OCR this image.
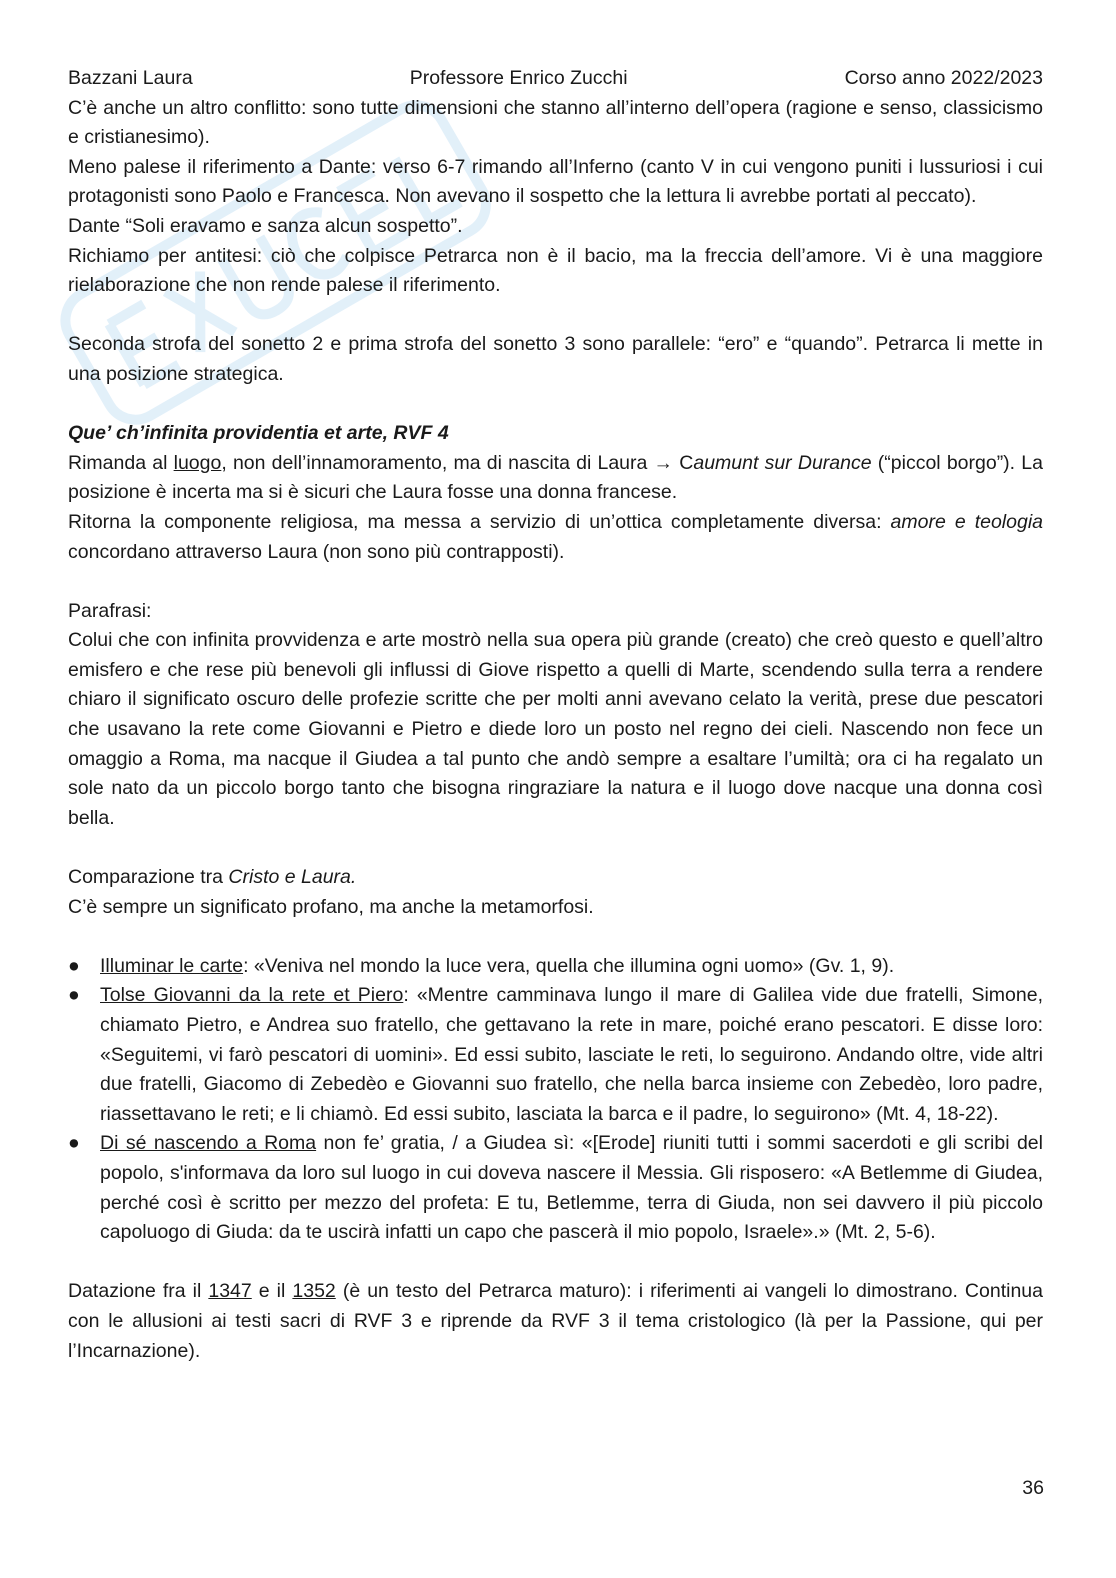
Bazzani Laura	Professore Enrico Zucchi	Corso anno 2022/2023

C’è anche un altro conflitto: sono tutte dimensioni che stanno all’interno dell’opera (ragione e senso, classicismo e cristianesimo).

Meno palese il riferimento a Dante: verso 6-7 rimando all’Inferno (canto V in cui vengono puniti i lussuriosi i cui protagonisti sono Paolo e Francesca. Non avevano il sospetto che la lettura li avrebbe portati al peccato).

Dante “Soli eravamo e sanza alcun sospetto”.

Richiamo per antitesi: ciò che colpisce Petrarca non è il bacio, ma la freccia dell’amore. Vi è una maggiore rielaborazione che non rende palese il riferimento.

Seconda strofa del sonetto 2 e prima strofa del sonetto 3 sono parallele: “ero” e “quando”. Petrarca li mette in una posizione strategica.

Que’ ch’infinita providentia et arte, RVF 4

Rimanda al luogo, non dell’innamoramento, ma di nascita di Laura → Caumunt sur Durance (“piccol borgo”). La posizione è incerta ma si è sicuri che Laura fosse una donna francese.

Ritorna la componente religiosa, ma messa a servizio di un’ottica completamente diversa: amore e teologia concordano attraverso Laura (non sono più contrapposti).

Parafrasi:

Colui che con infinita provvidenza e arte mostrò nella sua opera più grande (creato) che creò questo e quell’altro emisfero e che rese più benevoli gli influssi di Giove rispetto a quelli di Marte, scendendo sulla terra a rendere chiaro il significato oscuro delle profezie scritte che per molti anni avevano celato la verità, prese due pescatori che usavano la rete come Giovanni e Pietro e diede loro un posto nel regno dei cieli. Nascendo non fece un omaggio a Roma, ma nacque il Giudea a tal punto che andò sempre a esaltare l’umiltà; ora ci ha regalato un sole nato da un piccolo borgo tanto che bisogna ringraziare la natura e il luogo dove nacque una donna così bella.

Comparazione tra Cristo e Laura.

C’è sempre un significato profano, ma anche la metamorfosi.

● Illuminar le carte: «Veniva nel mondo la luce vera, quella che illumina ogni uomo» (Gv. 1, 9).
● Tolse Giovanni da la rete et Piero: «Mentre camminava lungo il mare di Galilea vide due fratelli, Simone, chiamato Pietro, e Andrea suo fratello, che gettavano la rete in mare, poiché erano pescatori. E disse loro: «Seguitemi, vi farò pescatori di uomini». Ed essi subito, lasciate le reti, lo seguirono. Andando oltre, vide altri due fratelli, Giacomo di Zebedèo e Giovanni suo fratello, che nella barca insieme con Zebedèo, loro padre, riassettavano le reti; e li chiamò. Ed essi subito, lasciata la barca e il padre, lo seguirono» (Mt. 4, 18-22).
● Di sé nascendo a Roma non fe’ gratia, / a Giudea sì: «[Erode] riuniti tutti i sommi sacerdoti e gli scribi del popolo, s'informava da loro sul luogo in cui doveva nascere il Messia. Gli risposero: «A Betlemme di Giudea, perché così è scritto per mezzo del profeta: E tu, Betlemme, terra di Giuda, non sei davvero il più piccolo capoluogo di Giuda: da te uscirà infatti un capo che pascerà il mio popolo, Israele».» (Mt. 2, 5-6).

Datazione fra il 1347 e il 1352 (è un testo del Petrarca maturo): i riferimenti ai vangeli lo dimostrano. Continua con le allusioni ai testi sacri di RVF 3 e riprende da RVF 3 il tema cristologico (là per la Passione, qui per l’Incarnazione).

36
